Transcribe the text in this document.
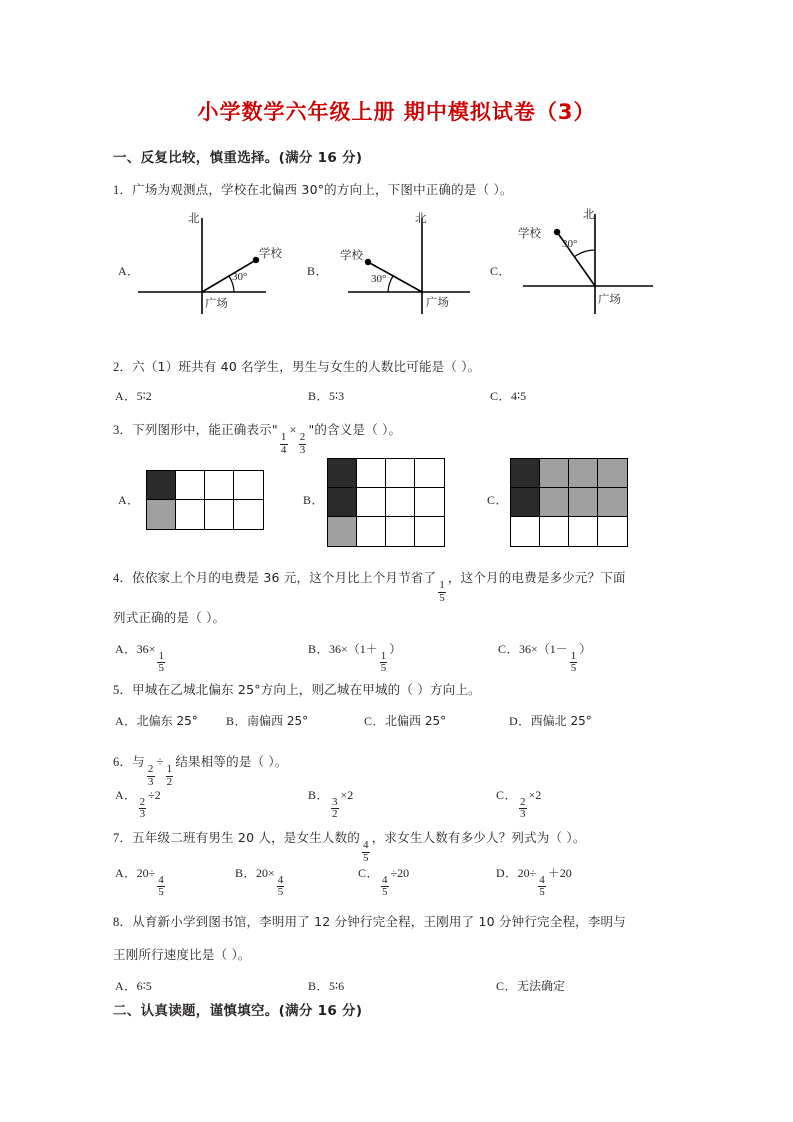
小学数学六年级上册 期中模拟试卷（3）
一、反复比较，慎重选择。(满分 16 分)
1．广场为观测点，学校在北偏西 30°的方向上，下图中正确的是（ ）。
A．
北
学校
30°
广场
B．
北
学校
30°
广场
C．
北
学校
30°
广场
2．六（1）班共有 40 名学生，男生与女生的人数比可能是（ ）。
A．5∶2	B．5∶3	C．4∶5
3．下列图形中，能正确表示"
$\frac{1}{4}$
×
$\frac{2}{3}$
"的含义是（ ）。
A．	B．	C．
4．依依家上个月的电费是 36 元，这个月比上个月节省了
$\frac{1}{5}$
，这个月的电费是多少元？下面
列式正确的是（ ）。
A．36×
$\frac{1}{5}$
B．36×（1＋
$\frac{1}{5}$
）	C．36×（1－
$\frac{1}{5}$
）
5．甲城在乙城北偏东 25°方向上，则乙城在甲城的（ ）方向上。
A．北偏东 25° B．南偏西 25°	C．北偏西 25°	D．西偏北 25°
6．与
$\frac{2}{3}$
÷
$\frac{1}{2}$
结果相等的是（ ）。
A．
$\frac{2}{3}$
÷2	B．
$\frac{3}{2}$
×2	C．
$\frac{2}{3}$
×2
7．五年级二班有男生 20 人，是女生人数的
$\frac{4}{5}$
，求女生人数有多少人？列式为（ ）。
A．20÷
$\frac{4}{5}$
B．20×
$\frac{4}{5}$
C．
$\frac{4}{5}$
÷20	D．20÷
$\frac{4}{5}$
＋20
8．从育新小学到图书馆，李明用了 12 分钟行完全程，王刚用了 10 分钟行完全程，李明与
王刚所行速度比是（ ）。
A．6∶5	B．5∶6	C．无法确定
二、认真读题，谨慎填空。(满分 16 分)
